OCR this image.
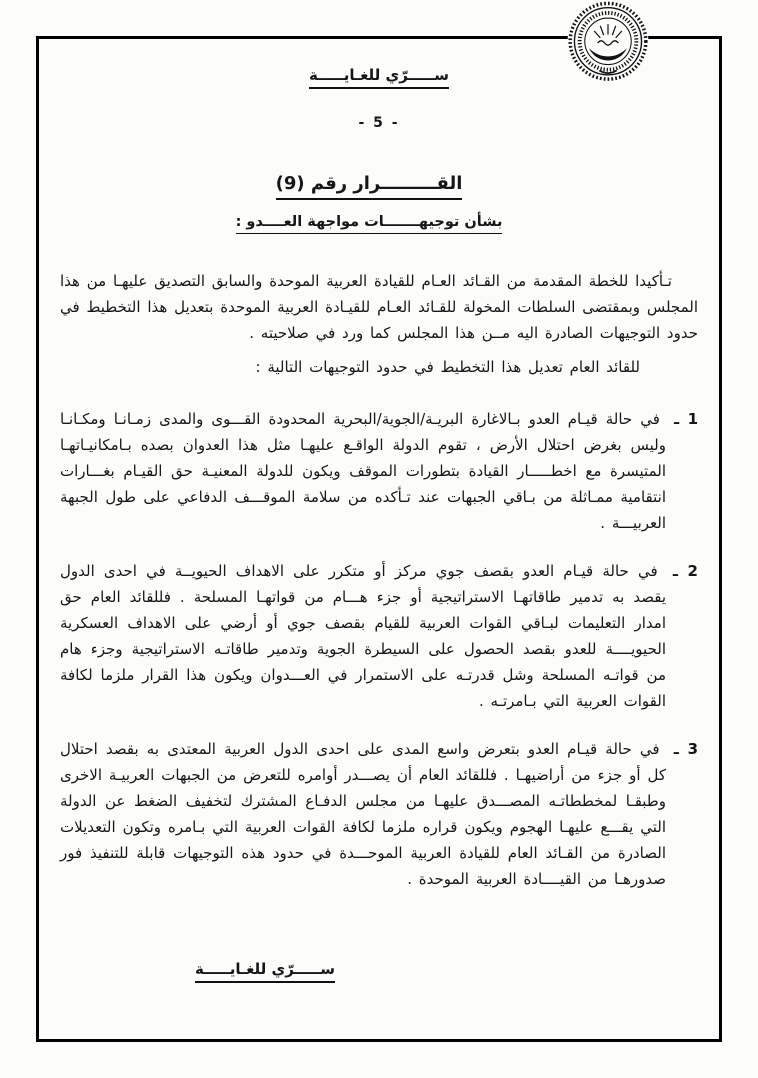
ســـــرّي للغـايـــــة
- 5 -
القـــــــــرار رقم (9)
بشأن توجيهـــــــات مواجهة العــــدو :

تـأكيدا للخطة المقدمة من القـائد العـام للقيادة العربية الموحدة والسابق التصديق عليهـا من هذا المجلس وبمقتضى السلطات المخولة للقـائد العـام للقيـادة العربية الموحدة بتعديل هذا التخطيط في حدود التوجيهات الصادرة اليه مــن هذا المجلس كما ورد في صلاحيته .

للقائد العام تعديل هذا التخطيط في حدود التوجيهات التالية :

1 ـ في حالة قيـام العدو بـالاغارة البريـة/الجوية/البحرية المحدودة القـــوى والمدى زمـانـا ومكـانـا وليس بغرض احتلال الأرض ، تقوم الدولة الواقـع عليهـا مثل هذا العدوان بصده بـامكانيـاتهـا المتيسرة مع اخطـــــار القيادة بتطورات الموقف ويكون للدولة المعنيـة حق القيـام بغـــارات انتقامية ممـاثلة من بـاقي الجبهات عند تـأكده من سلامة الموقـــف الدفاعي على طول الجبهة العربيـــة .
2 ـ في حالة قيـام العدو بقصف جوي مركز أو متكرر على الاهداف الحيويــة في احدى الدول يقصد به تدمير طاقاتهـا الاستراتيجية أو جزء هـــام من قواتهـا المسلحة . فللقائد العام حق امدار التعليمات لبـاقي القوات العربية للقيام بقصف جوي أو أرضي على الاهداف العسكرية الحيويــــة للعدو بقصد الحصول على السيطرة الجوية وتدمير طاقاتـه الاستراتيجية وجزء هام من قواتـه المسلحة وشل قدرتـه على الاستمرار في العـــدوان ويكون هذا القرار ملزما لكافة القوات العربية التي بـامرتـه .
3 ـ في حالة قيـام العدو بتعرض واسع المدى على احدى الدول العربية المعتدى به بقصد احتلال كل أو جزء من أراضيهـا . فللقائد العام أن يصـــدر أوامره للتعرض من الجبهات العربيـة الاخرى وطبقـا لمخططاتـه المصـــدق عليهـا من مجلس الدفـاع المشترك لتخفيف الضغط عن الدولة التي يقـــع عليهـا الهجوم ويكون قراره ملزما لكافة القوات العربية التي بـامره وتكون التعديلات الصادرة من القـائد العام للقيادة العربية الموحـــدة في حدود هذه التوجيهات قابلة للتنفيذ فور صدورهـا من القيــــادة العربية الموحدة .
ســـــرّي للغـايـــــة
